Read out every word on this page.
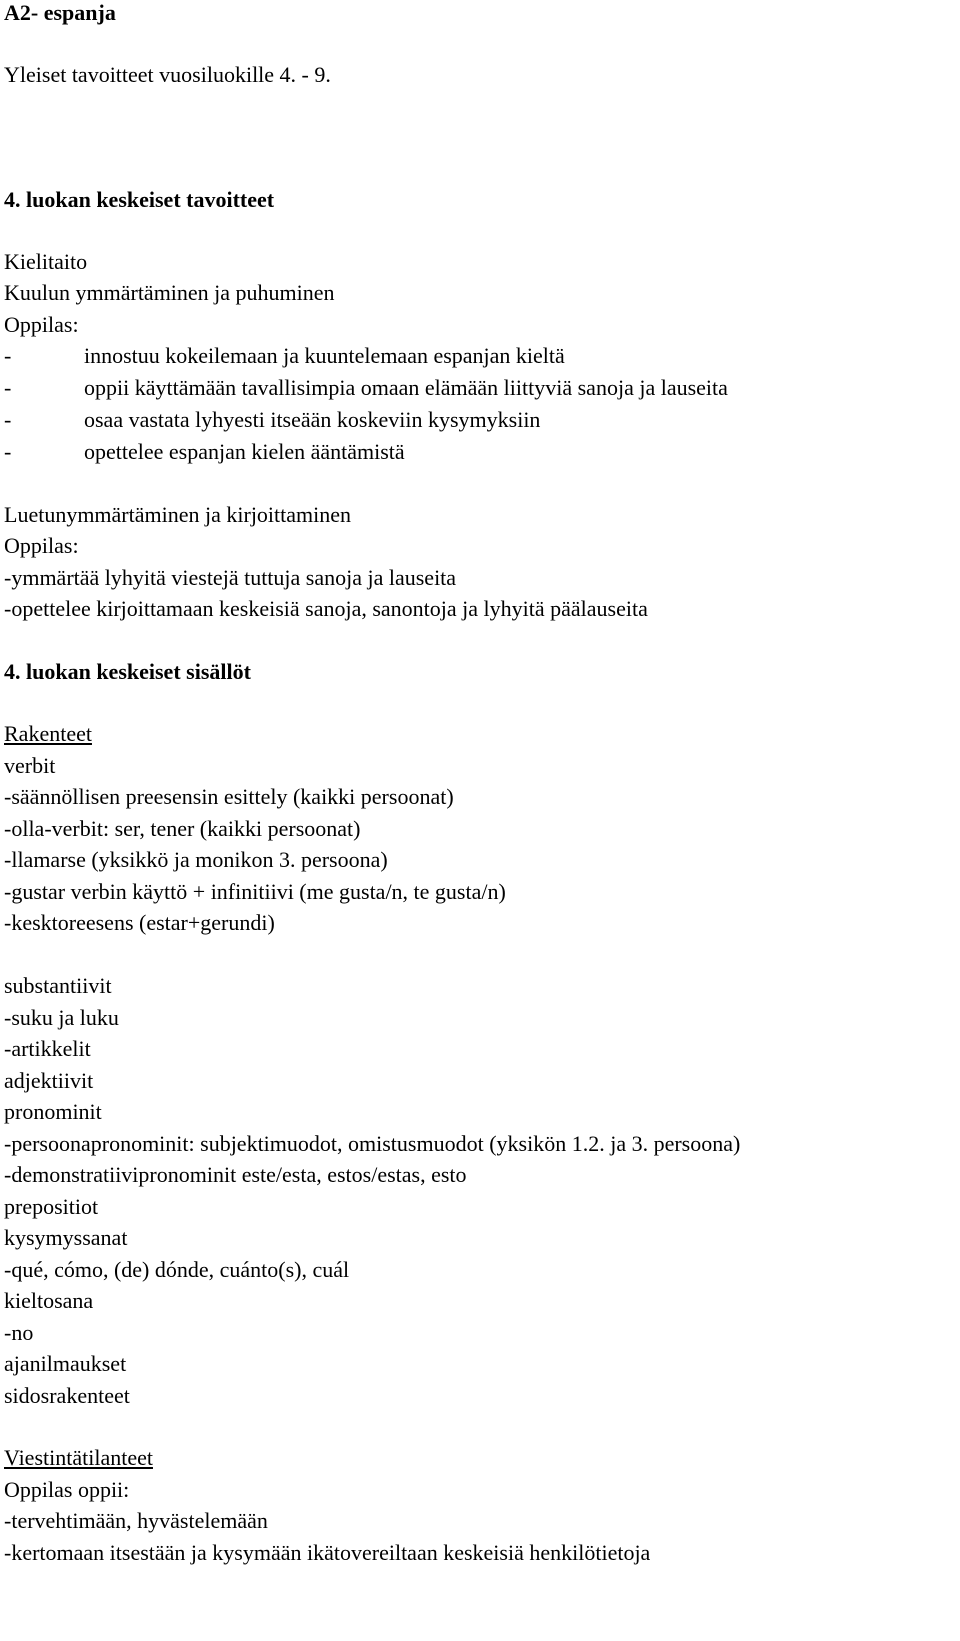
A2- espanja
Yleiset tavoitteet vuosiluokille 4. - 9.
4. luokan keskeiset tavoitteet
Kielitaito
Kuulun ymmärtäminen ja puhuminen
Oppilas:
-	innostuu kokeilemaan ja kuuntelemaan espanjan kieltä
-	oppii käyttämään tavallisimpia omaan elämään liittyviä sanoja ja lauseita
-	osaa vastata lyhyesti itseään koskeviin kysymyksiin
-	opettelee espanjan kielen ääntämistä
Luetunymmärtäminen ja kirjoittaminen
Oppilas:
-ymmärtää lyhyitä viestejä tuttuja sanoja ja lauseita
-opettelee kirjoittamaan keskeisiä sanoja, sanontoja ja lyhyitä päälauseita
4. luokan keskeiset sisällöt
Rakenteet
verbit
-säännöllisen preesensin esittely (kaikki persoonat)
-olla-verbit: ser, tener (kaikki persoonat)
-llamarse (yksikkö ja monikon 3. persoona)
-gustar verbin käyttö + infinitiivi (me gusta/n, te gusta/n)
-kesktoreesens (estar+gerundi)
substantiivit
-suku ja luku
-artikkelit
adjektiivit
pronominit
-persoonapronominit: subjektimuodot, omistusmuodot (yksikön 1.2. ja 3. persoona)
-demonstratiivipronominit este/esta, estos/estas, esto
prepositiot
kysymyssanat
-qué, cómo, (de) dónde, cuánto(s), cuál
kieltosana
-no
ajanilmaukset
sidosrakenteet
Viestintätilanteet
Oppilas oppii:
-tervehtimään, hyvästelemään
-kertomaan itsestään ja kysymään ikätovereiltaan keskeisiä henkilötietoja
